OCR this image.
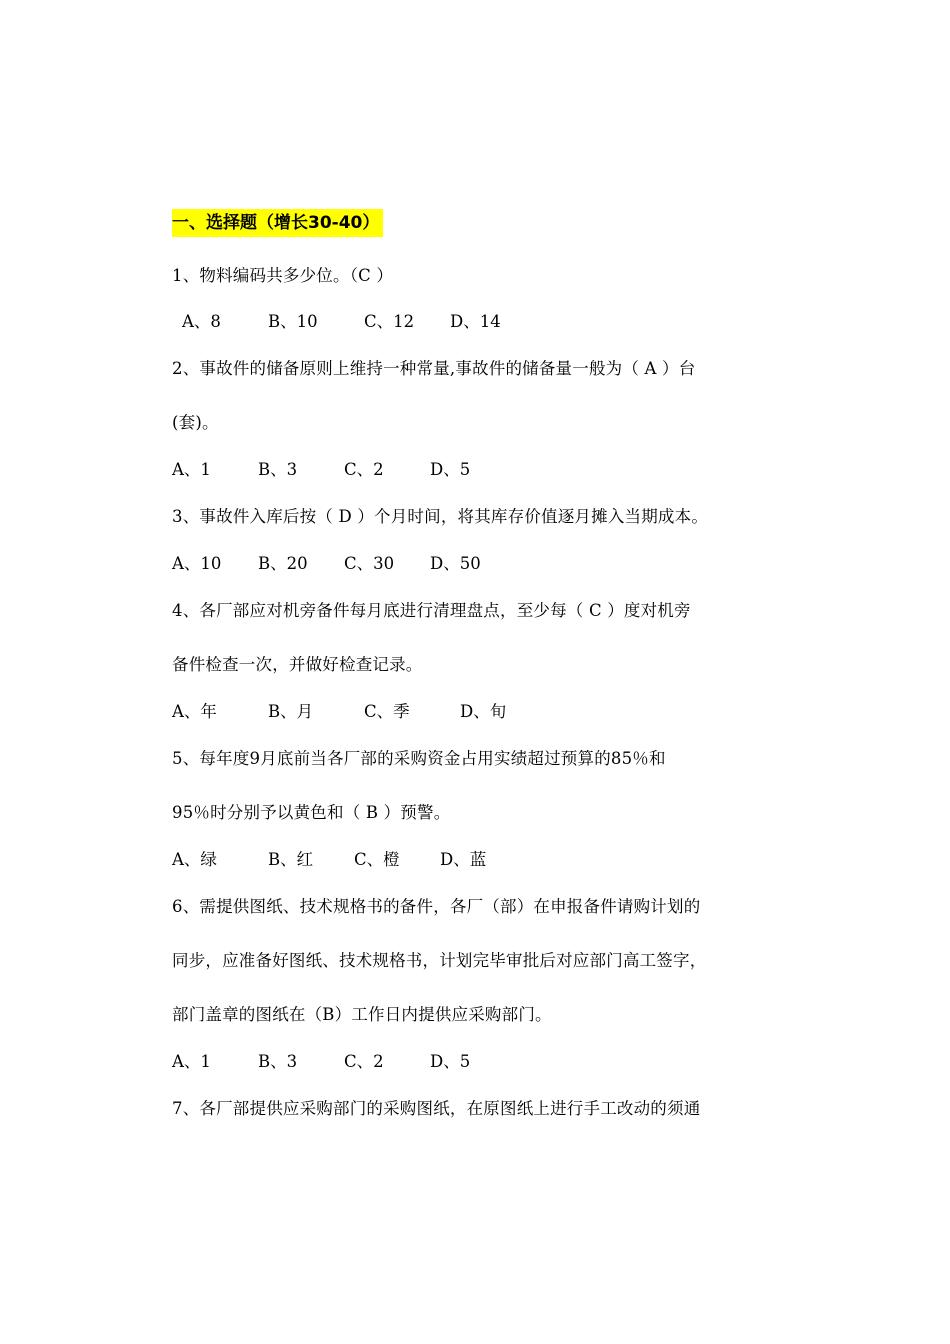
一、选择题（增长30-40）
1、物料编码共多少位。（C ）
A、8	B、10	C、12 D、14
2、事故件的储备原则上维持一种常量,事故件的储备量一般为（ A ）台
(套)。
A、1	B、3	C、2	D、5
3、事故件入库后按（ D ）个月时间，将其库存价值逐月摊入当期成本。
A、10 B、20 C、30 D、50
4、各厂部应对机旁备件每月底进行清理盘点，至少每（ C ）度对机旁
备件检查一次，并做好检查记录。
A、年	B、月	C、季	D、旬
5、每年度9月底前当各厂部的采购资金占用实绩超过预算的85％和
95％时分别予以黄色和（ B ）预警。
A、绿	B、红 C、橙 D、蓝
6、需提供图纸、技术规格书的备件，各厂（部）在申报备件请购计划的
同步，应准备好图纸、技术规格书，计划完毕审批后对应部门高工签字，
部门盖章的图纸在（B）工作日内提供应采购部门。
A、1	B、3	C、2	D、5
7、各厂部提供应采购部门的采购图纸，在原图纸上进行手工改动的须通
